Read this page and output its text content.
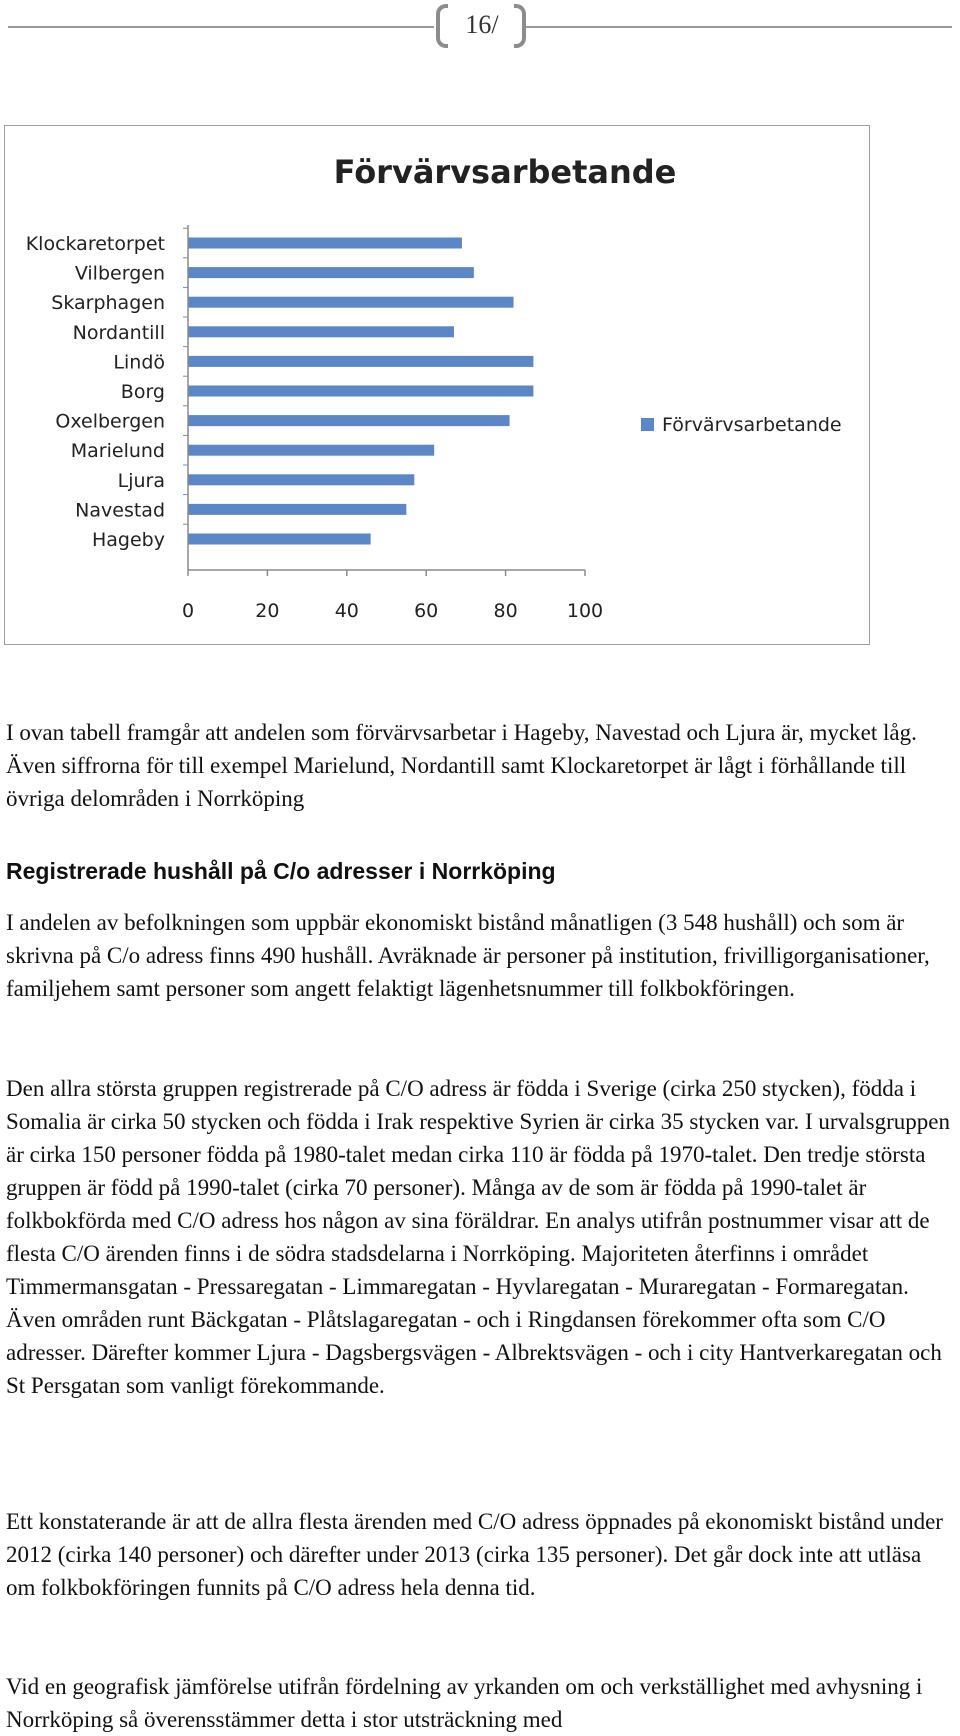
16/
Förvärvsarbetande
Klockaretorpet
Vilbergen
Skarphagen
Nordantill
Lindö
Borg
Oxelbergen
Marielund
Ljura
Navestad
Hageby
0	20	40	60	80	100
Förvärvsarbetande

I ovan tabell framgår att andelen som förvärvsarbetar i Hageby, Navestad och Ljura är, mycket låg. Även siffrorna för till exempel Marielund, Nordantill samt Klockaretorpet är lågt i förhållande till övriga delområden i Norrköping

Registrerade hushåll på C/o adresser i Norrköping

I andelen av befolkningen som uppbär ekonomiskt bistånd månatligen (3 548 hushåll) och som är skrivna på C/o adress finns 490 hushåll. Avräknade är personer på institution, frivilligorganisationer, familjehem samt personer som angett felaktigt lägenhetsnummer till folkbokföringen.

Den allra största gruppen registrerade på C/O adress är födda i Sverige (cirka 250 stycken), födda i Somalia är cirka 50 stycken och födda i Irak respektive Syrien är cirka 35 stycken var. I urvalsgruppen är cirka 150 personer födda på 1980-talet medan cirka 110 är födda på 1970-talet. Den tredje största gruppen är född på 1990-talet (cirka 70 personer). Många av de som är födda på 1990-talet är folkbokförda med C/O adress hos någon av sina föräldrar. En analys utifrån postnummer visar att de flesta C/O ärenden finns i de södra stadsdelarna i Norrköping. Majoriteten återfinns i området Timmermansgatan - Pressaregatan - Limmaregatan - Hyvlaregatan - Muraregatan - Formaregatan. Även områden runt Bäckgatan - Plåtslagaregatan - och i Ringdansen förekommer ofta som C/O adresser. Därefter kommer Ljura - Dagsbergsvägen - Albrektsvägen - och i city Hantverkaregatan och St Persgatan som vanligt förekommande.

Ett konstaterande är att de allra flesta ärenden med C/O adress öppnades på ekonomiskt bistånd under 2012 (cirka 140 personer) och därefter under 2013 (cirka 135 personer). Det går dock inte att utläsa om folkbokföringen funnits på C/O adress hela denna tid.

Vid en geografisk jämförelse utifrån fördelning av yrkanden om och verkställighet med avhysning i Norrköping så överensstämmer detta i stor utsträckning med
